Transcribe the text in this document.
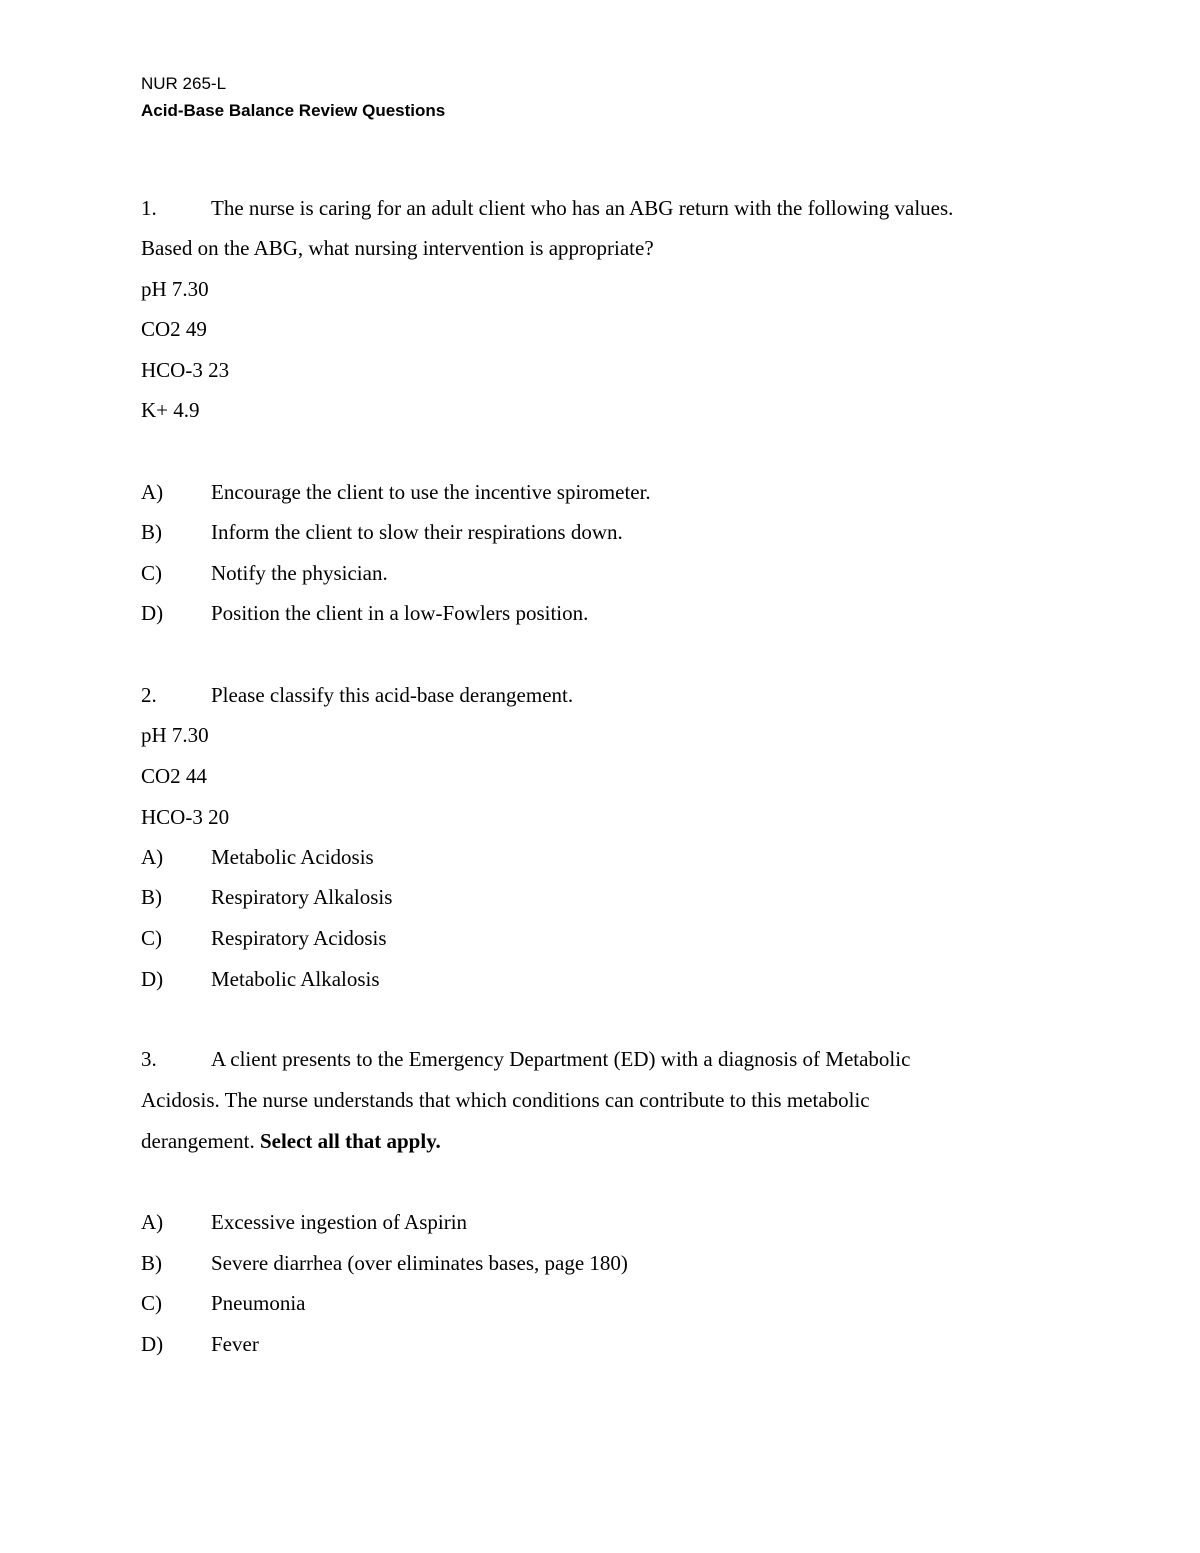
NUR 265-L
Acid-Base Balance Review Questions
1.	The nurse is caring for an adult client who has an ABG return with the following values.
Based on the ABG, what nursing intervention is appropriate?
pH 7.30
CO2 49
HCO-3 23
K+ 4.9
A) Encourage the client to use the incentive spirometer.
B) Inform the client to slow their respirations down.
C) Notify the physician.
D) Position the client in a low-Fowlers position.
2.	Please classify this acid-base derangement.
pH 7.30
CO2 44
HCO-3 20
A) Metabolic Acidosis
B) Respiratory Alkalosis
C) Respiratory Acidosis
D) Metabolic Alkalosis
3.	A client presents to the Emergency Department (ED) with a diagnosis of Metabolic
Acidosis. The nurse understands that which conditions can contribute to this metabolic
derangement. Select all that apply.
A) Excessive ingestion of Aspirin
B) Severe diarrhea (over eliminates bases, page 180)
C) Pneumonia
D) Fever
